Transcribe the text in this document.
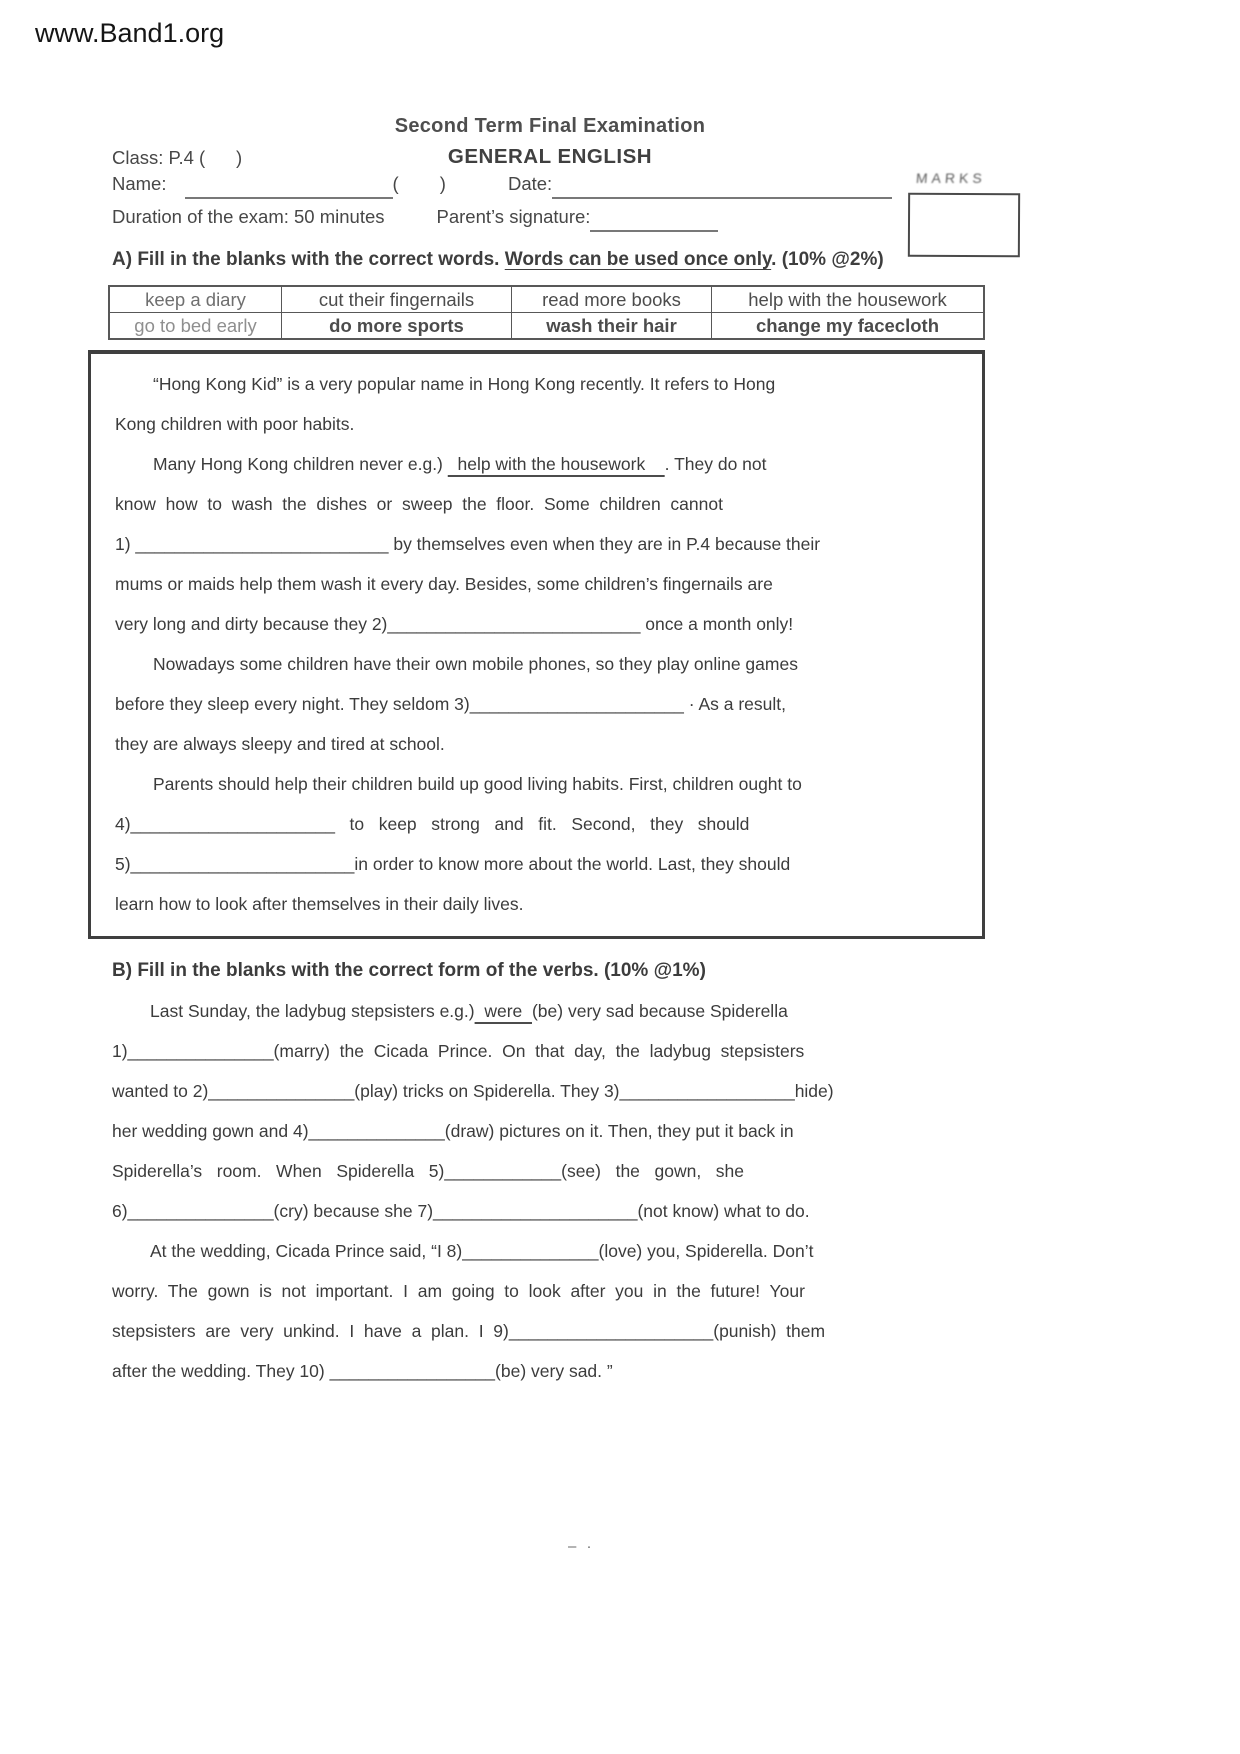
www.Band1.org
MARKS
Second Term Final Examination
Class: P.4 (      )	GENERAL ENGLISH
Name:	(        )	Date:
Duration of the exam: 50 minutes	Parent’s signature:
A) Fill in the blanks with the correct words. Words can be used once only. (10% @2%)
keep a diary	cut their fingernails	read more books	help with the housework
go to bed early	do more sports	wash their hair	change my facecloth
“Hong Kong Kid” is a very popular name in Hong Kong recently. It refers to Hong
Kong children with poor habits.
Many Hong Kong children never e.g.)   help with the housework    . They do not
know  how  to  wash  the  dishes  or  sweep  the  floor.  Some  children  cannot
1) __________________________ by themselves even when they are in P.4 because their
mums or maids help them wash it every day. Besides, some children’s fingernails are
very long and dirty because they 2)__________________________ once a month only!
Nowadays some children have their own mobile phones, so they play online games
before they sleep every night. They seldom 3)______________________ · As a result,
they are always sleepy and tired at school.
Parents should help their children build up good living habits. First, children ought to
4)_____________________   to   keep   strong   and   fit.   Second,   they   should
5)_______________________in order to know more about the world. Last, they should
learn how to look after themselves in their daily lives.
B) Fill in the blanks with the correct form of the verbs. (10% @1%)
Last Sunday, the ladybug stepsisters e.g.)  were  (be) very sad because Spiderella
1)_______________(marry)  the  Cicada  Prince.  On  that  day,  the  ladybug  stepsisters
wanted to 2)_______________(play) tricks on Spiderella. They 3)__________________hide)
her wedding gown and 4)______________(draw) pictures on it. Then, they put it back in
Spiderella’s   room.   When   Spiderella   5)____________(see)   the   gown,   she
6)_______________(cry) because she 7)_____________________(not know) what to do.
At the wedding, Cicada Prince said, “I 8)______________(love) you, Spiderella. Don’t
worry.  The  gown  is  not  important.  I  am  going  to  look  after  you  in  the  future!  Your
stepsisters  are  very  unkind.  I  have  a  plan.  I  9)_____________________(punish)  them
after the wedding. They 10) _________________(be) very sad. ”
– ·
